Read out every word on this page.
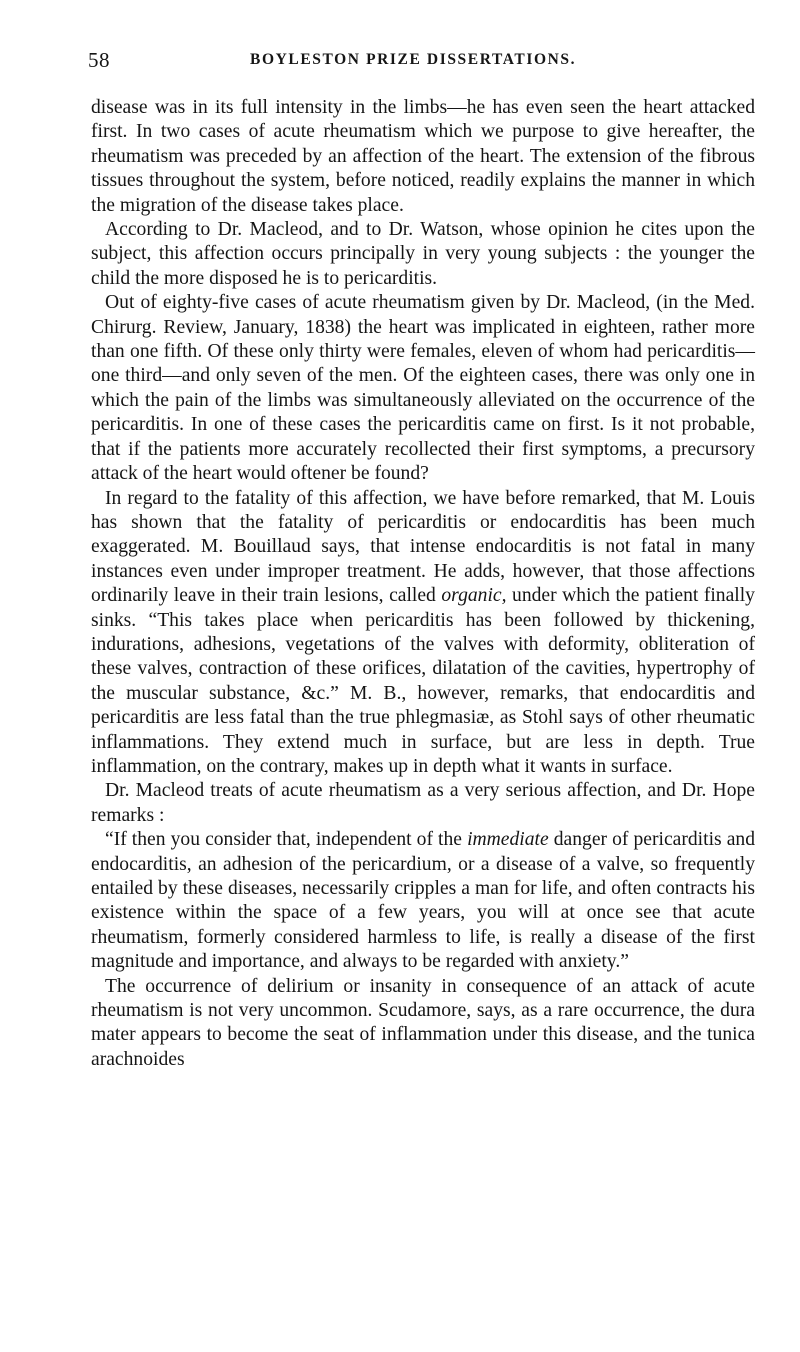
58	BOYLESTON PRIZE DISSERTATIONS.

disease was in its full intensity in the limbs—he has even seen the heart attacked first. In two cases of acute rheumatism which we purpose to give hereafter, the rheumatism was preceded by an affection of the heart. The extension of the fibrous tissues throughout the system, before noticed, readily explains the manner in which the migration of the disease takes place.

According to Dr. Macleod, and to Dr. Watson, whose opinion he cites upon the subject, this affection occurs principally in very young subjects : the younger the child the more disposed he is to pericarditis.

Out of eighty-five cases of acute rheumatism given by Dr. Macleod, (in the Med. Chirurg. Review, January, 1838) the heart was implicated in eighteen, rather more than one fifth. Of these only thirty were females, eleven of whom had pericarditis—one third—and only seven of the men. Of the eighteen cases, there was only one in which the pain of the limbs was simultaneously alleviated on the occurrence of the pericarditis. In one of these cases the pericarditis came on first. Is it not probable, that if the patients more accurately recollected their first symptoms, a precursory attack of the heart would oftener be found?

In regard to the fatality of this affection, we have before remarked, that M. Louis has shown that the fatality of pericarditis or endocarditis has been much exaggerated. M. Bouillaud says, that intense endocarditis is not fatal in many instances even under improper treatment. He adds, however, that those affections ordinarily leave in their train lesions, called organic, under which the patient finally sinks. “This takes place when pericarditis has been followed by thickening, indurations, adhesions, vegetations of the valves with deformity, obliteration of these valves, contraction of these orifices, dilatation of the cavities, hypertrophy of the muscular substance, &c.” M. B., however, remarks, that endocarditis and pericarditis are less fatal than the true phlegmasiæ, as Stohl says of other rheumatic inflammations. They extend much in surface, but are less in depth. True inflammation, on the contrary, makes up in depth what it wants in surface.

Dr. Macleod treats of acute rheumatism as a very serious affection, and Dr. Hope remarks :

“If then you consider that, independent of the immediate danger of pericarditis and endocarditis, an adhesion of the pericardium, or a disease of a valve, so frequently entailed by these diseases, necessarily cripples a man for life, and often contracts his existence within the space of a few years, you will at once see that acute rheumatism, formerly considered harmless to life, is really a disease of the first magnitude and importance, and always to be regarded with anxiety.”

The occurrence of delirium or insanity in consequence of an attack of acute rheumatism is not very uncommon. Scudamore, says, as a rare occurrence, the dura mater appears to become the seat of inflammation under this disease, and the tunica arachnoides
